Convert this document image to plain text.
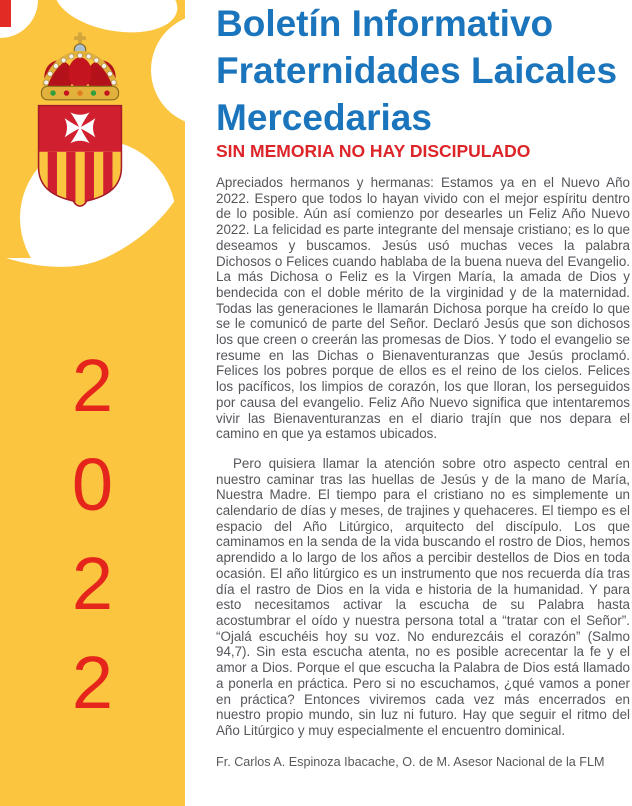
2
0
2
2
Boletín Informativo
Fraternidades Laicales
Mercedarias
SIN MEMORIA NO HAY DISCIPULADO

Apreciados hermanos y hermanas: Estamos ya en el Nuevo Año 2022. Espero que todos lo hayan vivido con el mejor espíritu dentro de lo posible. Aún así comienzo por desearles un Feliz Año Nuevo 2022. La felicidad es parte integrante del mensaje cristiano; es lo que deseamos y buscamos. Jesús usó muchas veces la palabra Dichosos o Felices cuando hablaba de la buena nueva del Evangelio. La más Dichosa o Feliz es la Virgen María, la amada de Dios y bendecida con el doble mérito de la virginidad y de la maternidad. Todas las generaciones le llamarán Dichosa porque ha creído lo que se le comunicó de parte del Señor. Declaró Jesús que son dichosos los que creen o creerán las promesas de Dios. Y todo el evangelio se resume en las Dichas o Bienaventuranzas que Jesús proclamó. Felices los pobres porque de ellos es el reino de los cielos. Felices los pacíficos, los limpios de corazón, los que lloran, los perseguidos por causa del evangelio. Feliz Año Nuevo significa que intentaremos vivir las Bienaventuranzas en el diario trajín que nos depara el camino en que ya estamos ubicados.

Pero quisiera llamar la atención sobre otro aspecto central en nuestro caminar tras las huellas de Jesús y de la mano de María, Nuestra Madre. El tiempo para el cristiano no es simplemente un calendario de días y meses, de trajines y quehaceres. El tiempo es el espacio del Año Litúrgico, arquitecto del discípulo. Los que caminamos en la senda de la vida buscando el rostro de Dios, hemos aprendido a lo largo de los años a percibir destellos de Dios en toda ocasión. El año litúrgico es un instrumento que nos recuerda día tras día el rastro de Dios en la vida e historia de la humanidad. Y para esto necesitamos activar la escucha de su Palabra hasta acostumbrar el oído y nuestra persona total a “tratar con el Señor”. “Ojalá escuchéis hoy su voz. No endurezcáis el corazón” (Salmo 94,7). Sin esta escucha atenta, no es posible acrecentar la fe y el amor a Dios. Porque el que escucha la Palabra de Dios está llamado a ponerla en práctica. Pero si no escuchamos, ¿qué vamos a poner en práctica? Entonces viviremos cada vez más encerrados en nuestro propio mundo, sin luz ni futuro. Hay que seguir el ritmo del Año Litúrgico y muy especialmente el encuentro dominical.

Fr. Carlos A. Espinoza Ibacache, O. de M. Asesor Nacional de la FLM
